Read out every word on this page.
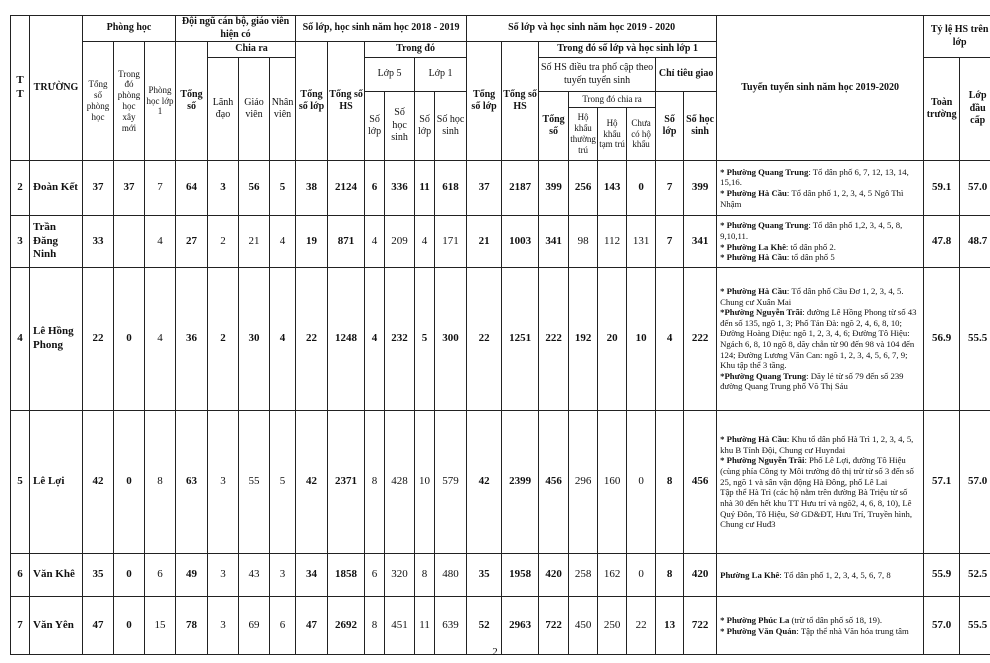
T
T	TRƯỜNG	Phòng học			Đội ngũ cán bộ, giáo viên hiện có				Số lớp, học sinh năm học 2018 - 2019						Số lớp và học sinh năm học 2019 - 2020								Tuyến tuyển sinh năm học 2019-2020	Tỷ lệ HS trên lớp	
		Tổng số phòng học	Trong đó phòng học xây mới	Phòng học lớp 1	Tổng số	Chia ra			Tổng số lớp	Tổng số HS	Trong đó				Tổng số lớp	Tổng số HS	Trong đó số lớp và học sinh lớp 1								
						Lãnh đạo	Giáo viên	Nhân viên			Lớp 5		Lớp 1				Số HS điều tra phổ cập theo tuyến tuyển sinh				Chỉ tiêu giao			Toàn trường	Lớp đầu cấp
											Số lớp	Số học sinh	Số lớp	Số học sinh			Tổng số	Trong đó chia ra			Số lớp	Số học sinh			
																		Hộ khẩu thường trú	Hộ khẩu tạm trú	Chưa có hộ khẩu					
2	Đoàn Kết	37	37	7	64	3	56	5	38	2124	6	336	11	618	37	2187	399	256	143	0	7	399	* Phường Quang Trung: Tổ dân phố 6, 7, 12, 13, 14, 15,16.
* Phường Hà Cầu: Tổ dân phố 1, 2, 3, 4, 5 Ngô Thì Nhậm	59.1	57.0
3	Trần Đăng Ninh	33		4	27	2	21	4	19	871	4	209	4	171	21	1003	341	98	112	131	7	341	* Phường Quang Trung: Tổ dân phố 1,2, 3, 4, 5, 8, 9,10,11.
* Phường La Khê: tổ dân phố 2.
* Phường Hà Cầu: tổ dân phố 5	47.8	48.7
4	Lê Hồng Phong	22	0	4	36	2	30	4	22	1248	4	232	5	300	22	1251	222	192	20	10	4	222	* Phường Hà Cầu: Tổ dân phố Cầu Đơ 1, 2, 3, 4, 5. Chung cư Xuân Mai
*Phường Nguyễn Trãi: đường Lê Hồng Phong từ số 43 đến số 135, ngõ 1, 3; Phố Tản Đà: ngõ 2, 4, 6, 8, 10; Đường Hoàng Diệu: ngõ 1, 2, 3, 4, 6; Đường Tô Hiệu: Ngách 6, 8, 10 ngõ 8, dãy chẵn từ 90 đến 98 và 104 đến 124; Đường Lương Văn Can: ngõ 1, 2, 3, 4, 5, 6, 7, 9; Khu tập thể 3 tầng.
*Phường Quang Trung: Dãy lẻ từ số 79 đến số 239 đường Quang Trung phố Võ Thị Sáu	56.9	55.5
5	Lê Lợi	42	0	8	63	3	55	5	42	2371	8	428	10	579	42	2399	456	296	160	0	8	456	* Phường Hà Cầu: Khu tổ dân phố Hà Trì 1, 2, 3, 4, 5, khu B Tỉnh Đội, Chung cư Huyndai
* Phường Nguyễn Trãi: Phố Lê Lợi, đường Tô Hiệu (cùng phía Công ty Môi trường đô thị trừ từ số 3 đến số 25, ngõ 1 và sân vận động Hà Đông, phố Lê Lai
Tập thể Hà Trì (các hộ nằm trên đường Bà Triệu từ số nhà 30 đến hết khu TT Hưu trí và ngõ2, 4, 6, 8, 10), Lê Quý Đôn, Tô Hiệu, Sở GD&ĐT, Hưu Trí, Truyền hình, Chung cư Huđ3	57.1	57.0
6	Văn Khê	35	0	6	49	3	43	3	34	1858	6	320	8	480	35	1958	420	258	162	0	8	420	Phường La Khê: Tổ dân phố 1, 2, 3, 4, 5, 6, 7, 8	55.9	52.5
7	Văn Yên	47	0	15	78	3	69	6	47	2692	8	451	11	639	52	2963	722	450	250	22	13	722	* Phường Phúc La (trừ tổ dân phố số 18, 19).
* Phường Văn Quán: Tập thể nhà Văn hóa trung tâm	57.0	55.5
2
